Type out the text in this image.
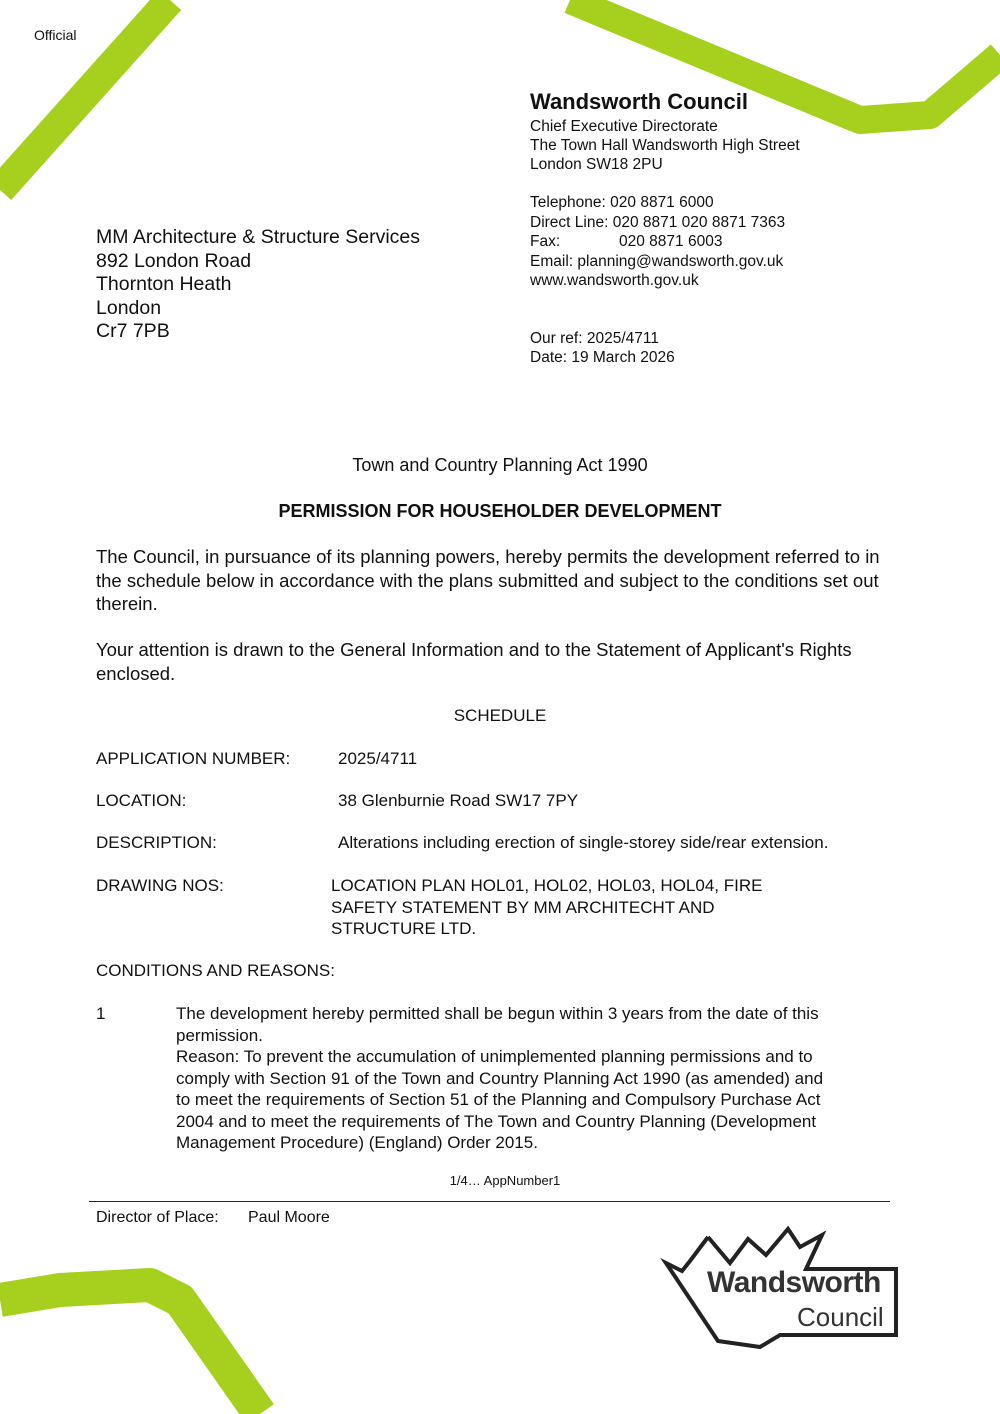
Official
Wandsworth Council
Chief Executive Directorate
The Town Hall Wandsworth High Street
London SW18 2PU
Telephone:
020 8871 6000
Direct Line:
020 8871 020 8871 7363
Fax:	020 8871 6003
Email:
planning@wandsworth.gov.uk
www.wandsworth.gov.uk
Our ref: 2025/4711
Date: 19 March 2026
MM Architecture & Structure Services
892 London Road
Thornton Heath
London
Cr7 7PB
Town and Country Planning Act 1990
PERMISSION FOR HOUSEHOLDER DEVELOPMENT
The Council, in pursuance of its planning powers, hereby permits the development referred to in the schedule below in accordance with the plans submitted and subject to the conditions set out therein.
Your attention is drawn to the General Information and to the Statement of Applicant's Rights enclosed.
SCHEDULE
APPLICATION NUMBER:	2025/4711
LOCATION:	38 Glenburnie Road SW17 7PY
DESCRIPTION:	Alterations including erection of single-storey side/rear extension.
DRAWING NOS:	LOCATION PLAN HOL01, HOL02, HOL03, HOL04, FIRE SAFETY STATEMENT BY MM ARCHITECHT AND STRUCTURE LTD.
CONDITIONS AND REASONS:
1	The development hereby permitted shall be begun within 3 years from the date of this permission.
Reason: To prevent the accumulation of unimplemented planning permissions and to comply with Section 91 of the Town and Country Planning Act 1990 (as amended) and to meet the requirements of Section 51 of the Planning and Compulsory Purchase Act 2004 and to meet the requirements of The Town and Country Planning (Development Management Procedure) (England) Order 2015.
1/4… AppNumber1
Director of Place:	Paul Moore
Wandsworth
Council
